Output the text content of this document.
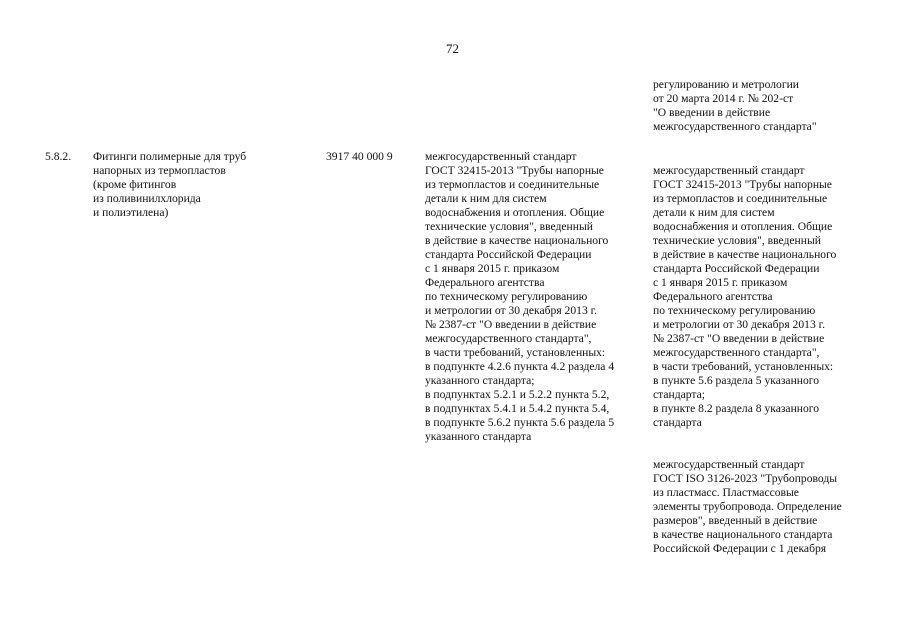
72
регулированию и метрологии
от 20 марта 2014 г. № 202-ст
"О введении в действие
межгосударственного стандарта"
5.8.2.	Фитинги полимерные для труб
напорных из термопластов
(кроме фитингов
из поливинилхлорида
и полиэтилена)
3917 40 000 9	межгосударственный стандарт
ГОСТ 32415-2013 "Трубы напорные
из термопластов и соединительные
детали к ним для систем
водоснабжения и отопления. Общие
технические условия", введенный
в действие в качестве национального
стандарта Российской Федерации
с 1 января 2015 г. приказом
Федерального агентства
по техническому регулированию
и метрологии от 30 декабря 2013 г.
№ 2387-ст "О введении в действие
межгосударственного стандарта",
в части требований, установленных:
в подпункте 4.2.6 пункта 4.2 раздела 4
указанного стандарта;
в подпунктах 5.2.1 и 5.2.2 пункта 5.2,
в подпунктах 5.4.1 и 5.4.2 пункта 5.4,
в подпункте 5.6.2 пункта 5.6 раздела 5
указанного стандарта

межгосударственный стандарт
ГОСТ 32415-2013 "Трубы напорные
из термопластов и соединительные
детали к ним для систем
водоснабжения и отопления. Общие
технические условия", введенный
в действие в качестве национального
стандарта Российской Федерации
с 1 января 2015 г. приказом
Федерального агентства
по техническому регулированию
и метрологии от 30 декабря 2013 г.
№ 2387-ст "О введении в действие
межгосударственного стандарта",
в части требований, установленных:
в пункте 5.6 раздела 5 указанного
стандарта;
в пункте 8.2 раздела 8 указанного
стандарта

межгосударственный стандарт
ГОСТ ISO 3126-2023 "Трубопроводы
из пластмасс. Пластмассовые
элементы трубопровода. Определение
размеров", введенный в действие
в качестве национального стандарта
Российской Федерации с 1 декабря
